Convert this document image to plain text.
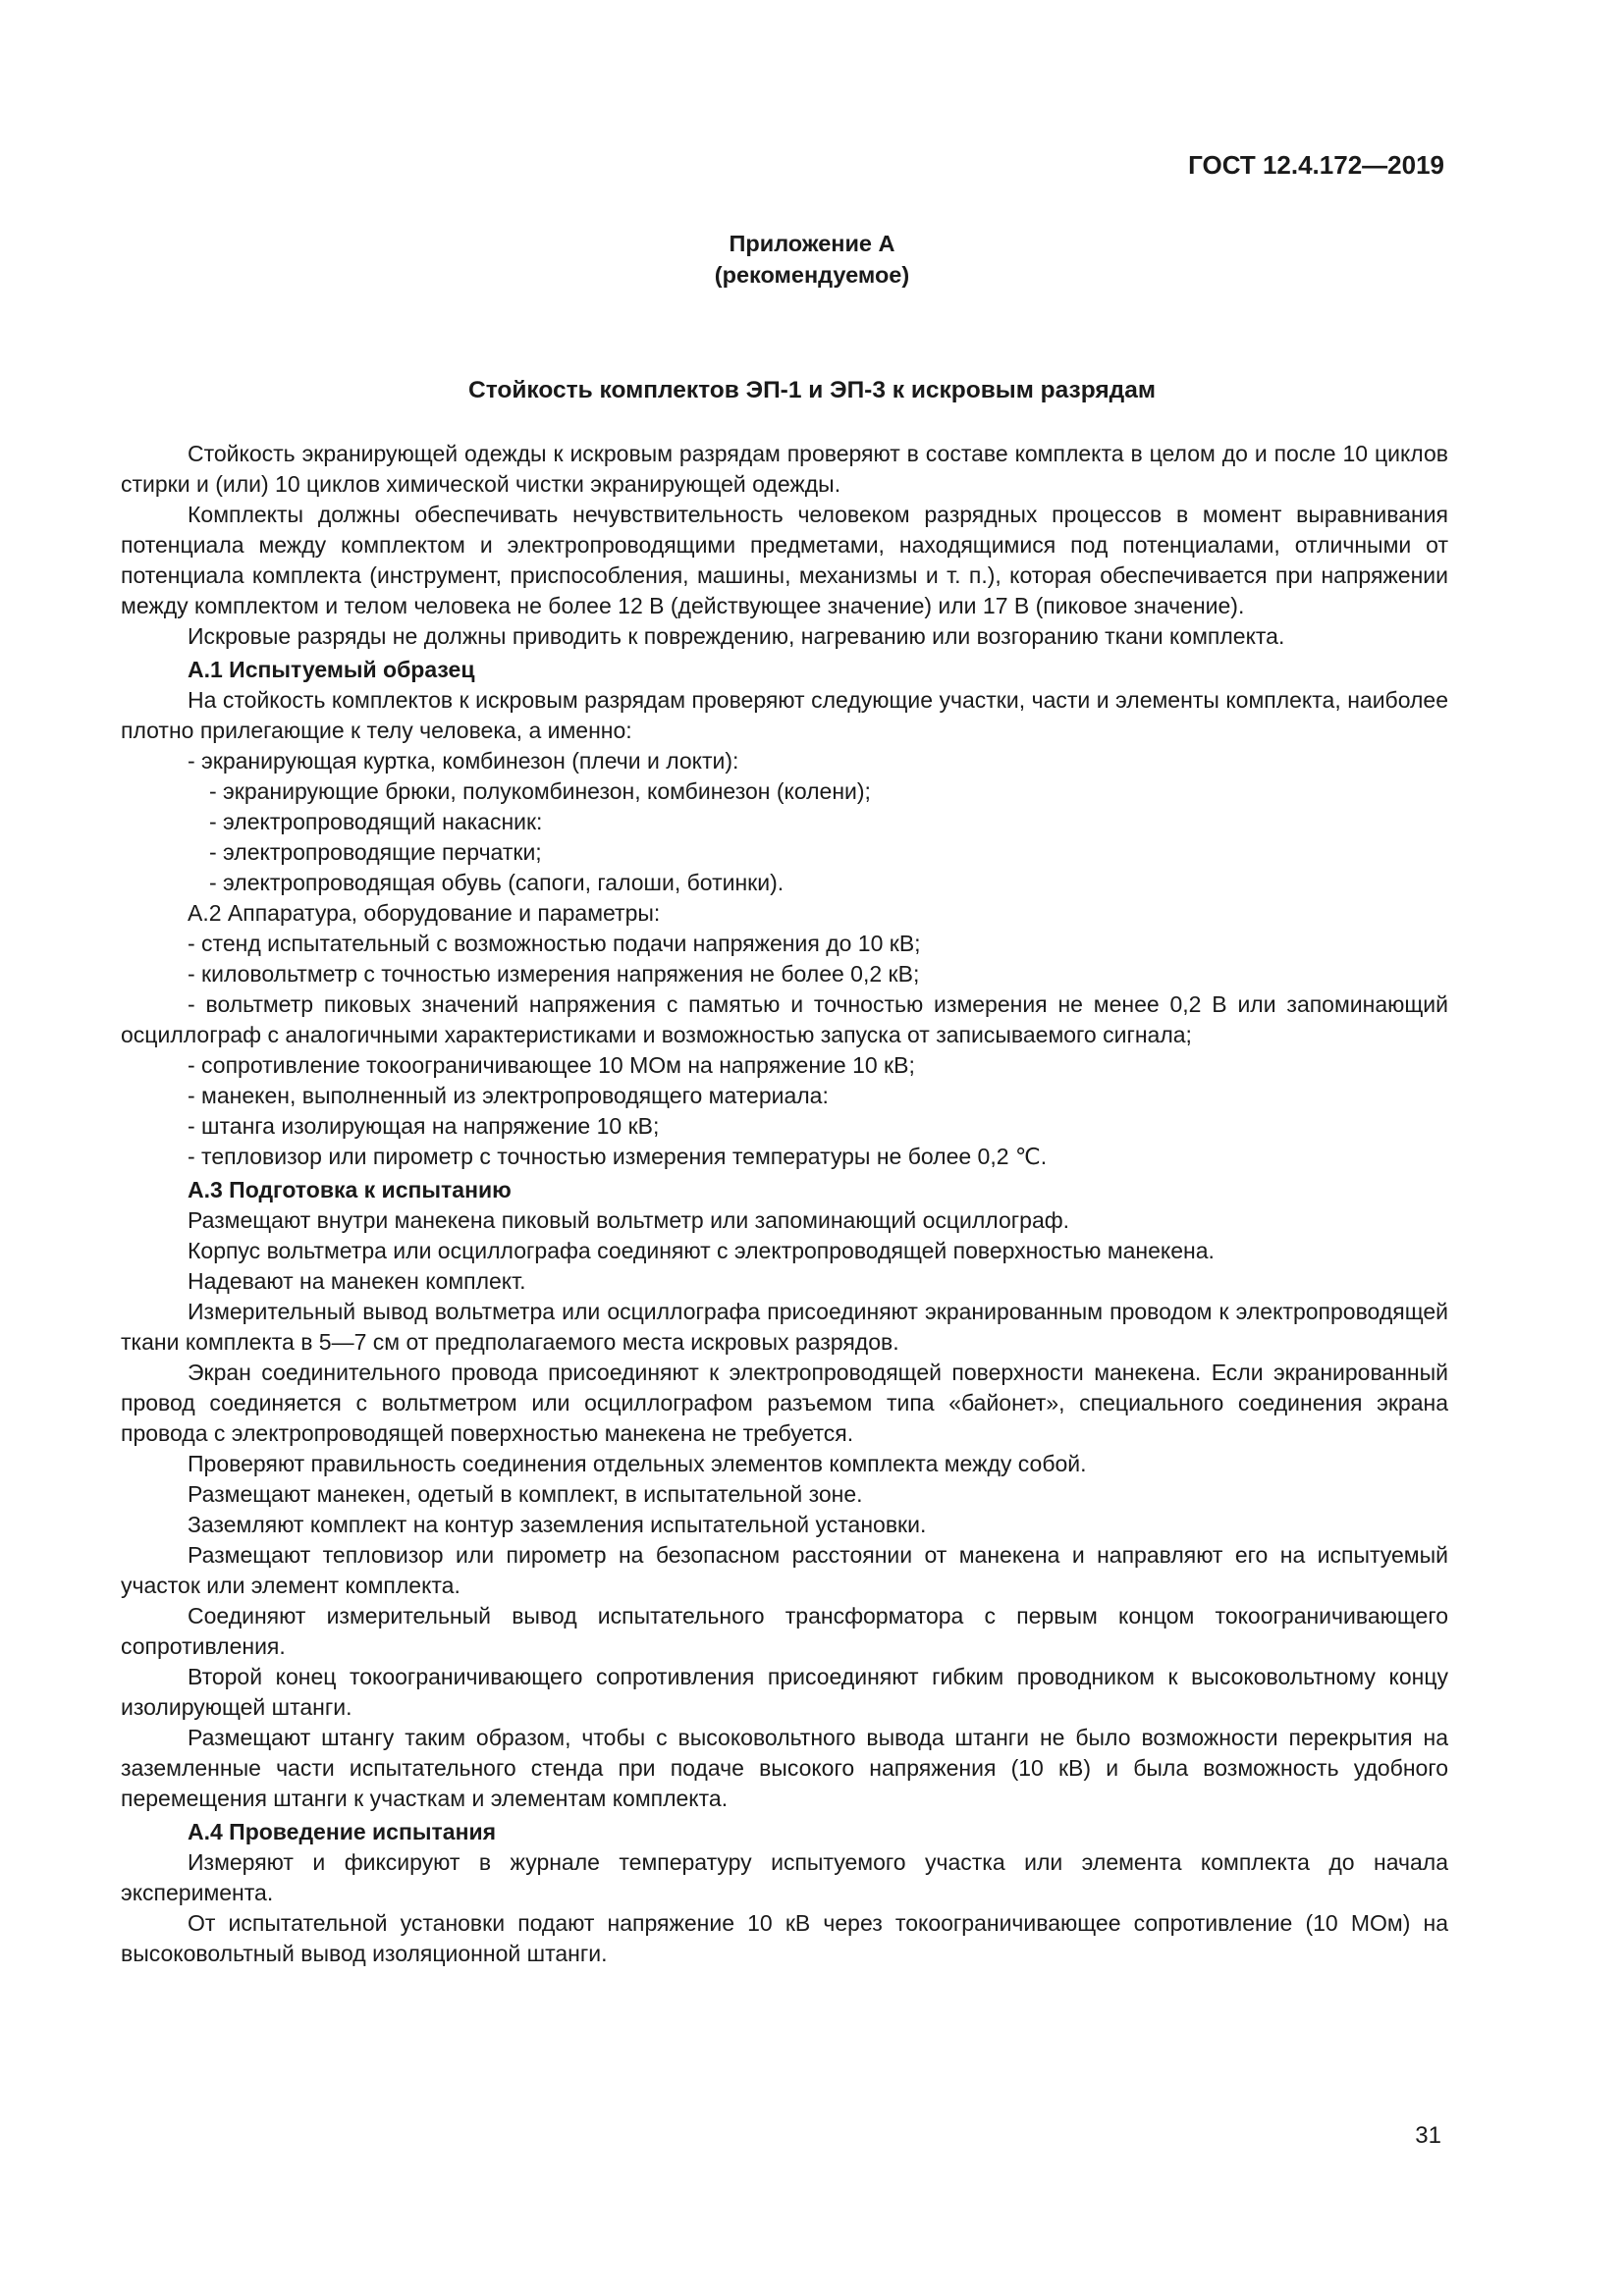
ГОСТ 12.4.172—2019
Приложение А
(рекомендуемое)
Стойкость комплектов ЭП-1 и ЭП-3 к искровым разрядам

Стойкость экранирующей одежды к искровым разрядам проверяют в составе комплекта в целом до и после 10 циклов стирки и (или) 10 циклов химической чистки экранирующей одежды.

Комплекты должны обеспечивать нечувствительность человеком разрядных процессов в момент выравнивания потенциала между комплектом и электропроводящими предметами, находящимися под потенциалами, отличными от потенциала комплекта (инструмент, приспособления, машины, механизмы и т. п.), которая обеспечивается при напряжении между комплектом и телом человека не более 12 В (действующее значение) или 17 В (пиковое значение).

Искровые разряды не должны приводить к повреждению, нагреванию или возгоранию ткани комплекта.

А.1 Испытуемый образец

На стойкость комплектов к искровым разрядам проверяют следующие участки, части и элементы комплекта, наиболее плотно прилегающие к телу человека, а именно:

- экранирующая куртка, комбинезон (плечи и локти):

- экранирующие брюки, полукомбинезон, комбинезон (колени);

- электропроводящий накасник:

- электропроводящие перчатки;

- электропроводящая обувь (сапоги, галоши, ботинки).

А.2 Аппаратура, оборудование и параметры:

- стенд испытательный с возможностью подачи напряжения до 10 кВ;

- киловольтметр с точностью измерения напряжения не более 0,2 кВ;

- вольтметр пиковых значений напряжения с памятью и точностью измерения не менее 0,2 В или запоминающий осциллограф с аналогичными характеристиками и возможностью запуска от записываемого сигнала;

- сопротивление токоограничивающее 10 МОм на напряжение 10 кВ;

- манекен, выполненный из электропроводящего материала:

- штанга изолирующая на напряжение 10 кВ;

- тепловизор или пирометр с точностью измерения температуры не более 0,2 ℃.

А.3 Подготовка к испытанию

Размещают внутри манекена пиковый вольтметр или запоминающий осциллограф.

Корпус вольтметра или осциллографа соединяют с электропроводящей поверхностью манекена.

Надевают на манекен комплект.

Измерительный вывод вольтметра или осциллографа присоединяют экранированным проводом к электропроводящей ткани комплекта в 5—7 см от предполагаемого места искровых разрядов.

Экран соединительного провода присоединяют к электропроводящей поверхности манекена. Если экранированный провод соединяется с вольтметром или осциллографом разъемом типа «байонет», специального соединения экрана провода с электропроводящей поверхностью манекена не требуется.

Проверяют правильность соединения отдельных элементов комплекта между собой.

Размещают манекен, одетый в комплект, в испытательной зоне.

Заземляют комплект на контур заземления испытательной установки.

Размещают тепловизор или пирометр на безопасном расстоянии от манекена и направляют его на испытуемый участок или элемент комплекта.

Соединяют измерительный вывод испытательного трансформатора с первым концом токоограничивающего сопротивления.

Второй конец токоограничивающего сопротивления присоединяют гибким проводником к высоковольтному концу изолирующей штанги.

Размещают штангу таким образом, чтобы с высоковольтного вывода штанги не было возможности перекрытия на заземленные части испытательного стенда при подаче высокого напряжения (10 кВ) и была возможность удобного перемещения штанги к участкам и элементам комплекта.

А.4 Проведение испытания

Измеряют и фиксируют в журнале температуру испытуемого участка или элемента комплекта до начала эксперимента.

От испытательной установки подают напряжение 10 кВ через токоограничивающее сопротивление (10 МОм) на высоковольтный вывод изоляционной штанги.

31
